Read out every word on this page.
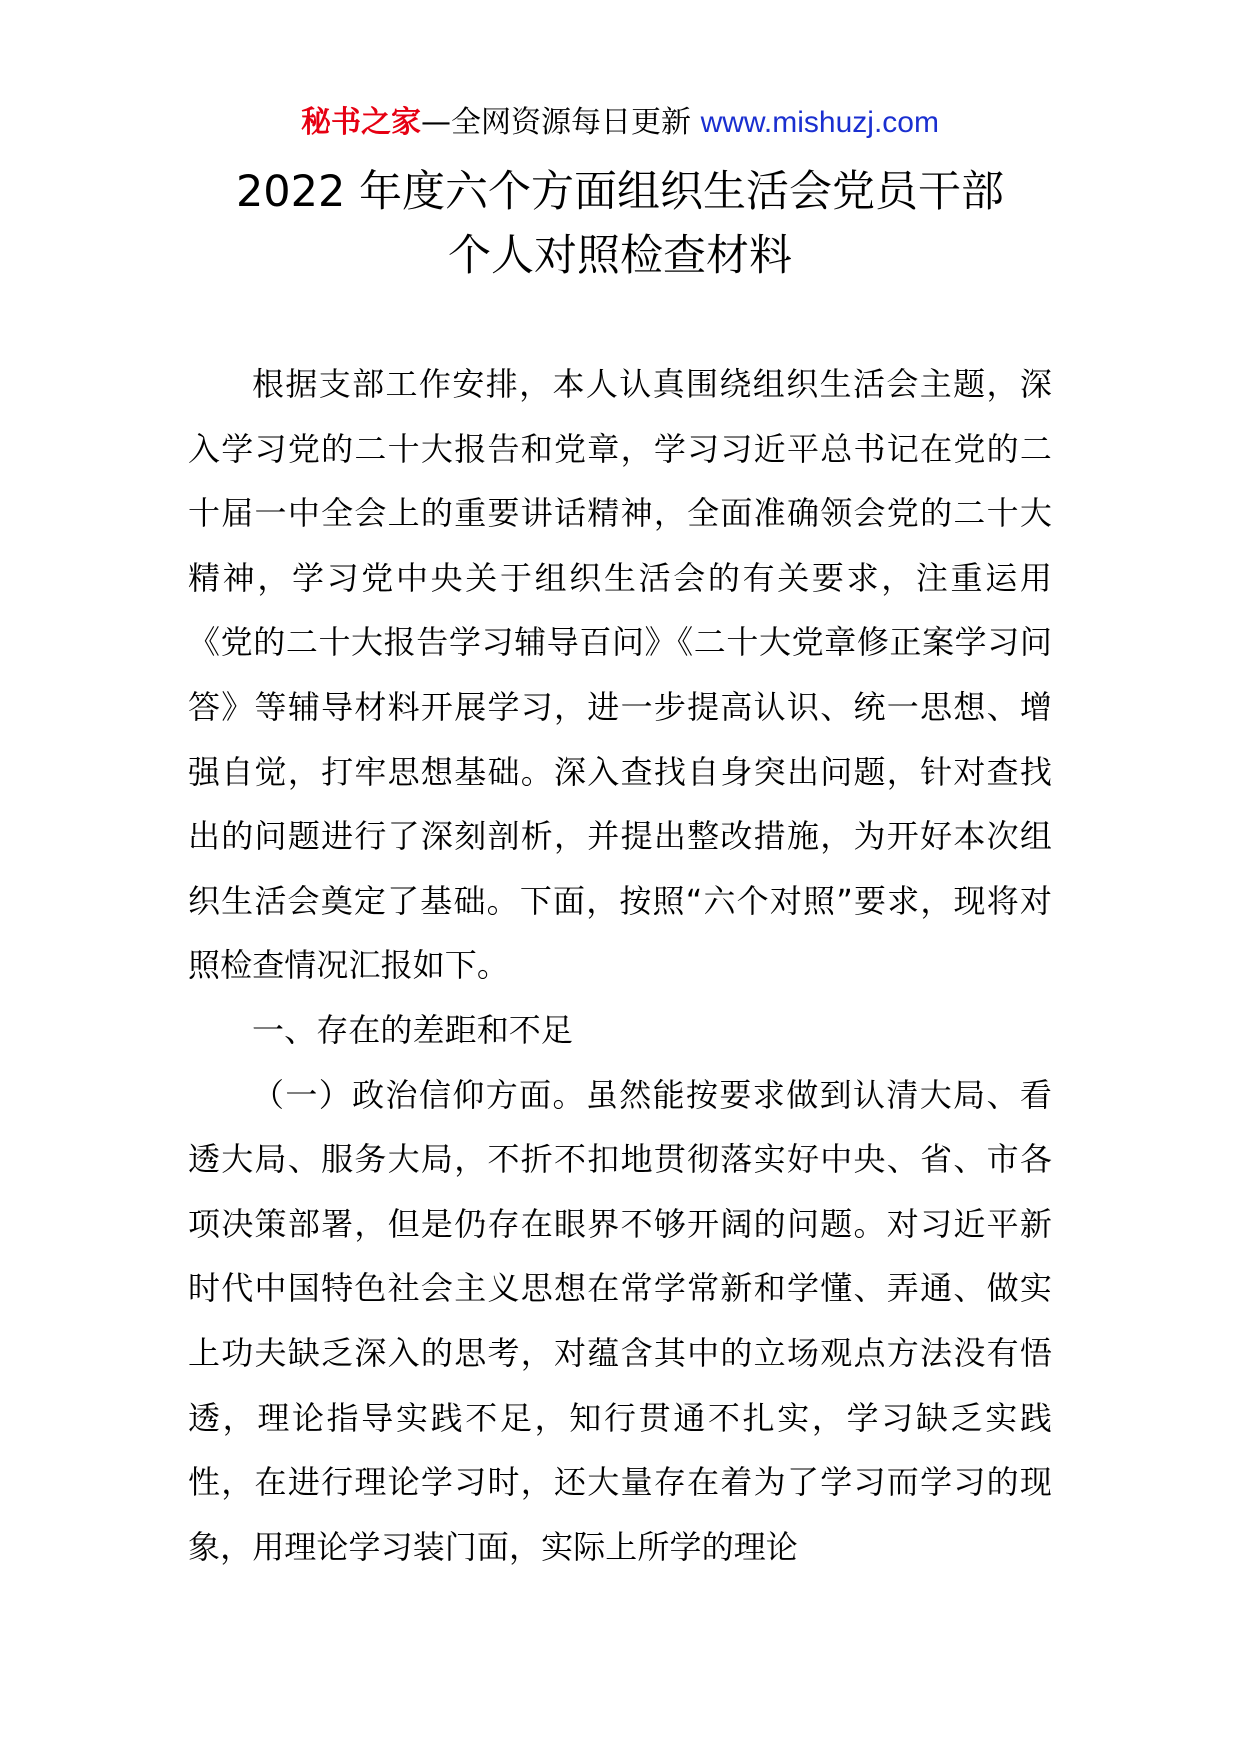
秘书之家—全网资源每日更新 www.mishuzj.com
2022 年度六个方面组织生活会党员干部
个人对照检查材料

根据支部工作安排，本人认真围绕组织生活会主题，深入学习党的二十大报告和党章，学习习近平总书记在党的二十届一中全会上的重要讲话精神，全面准确领会党的二十大精神，学习党中央关于组织生活会的有关要求，注重运用《党的二十大报告学习辅导百问》《二十大党章修正案学习问答》等辅导材料开展学习，进一步提高认识、统一思想、增强自觉，打牢思想基础。深入查找自身突出问题，针对查找出的问题进行了深刻剖析，并提出整改措施，为开好本次组织生活会奠定了基础。下面，按照“六个对照”要求，现将对照检查情况汇报如下。

一、存在的差距和不足

（一）政治信仰方面。虽然能按要求做到认清大局、看透大局、服务大局，不折不扣地贯彻落实好中央、省、市各项决策部署，但是仍存在眼界不够开阔的问题。对习近平新时代中国特色社会主义思想在常学常新和学懂、弄通、做实上功夫缺乏深入的思考，对蕴含其中的立场观点方法没有悟透，理论指导实践不足，知行贯通不扎实，学习缺乏实践性，在进行理论学习时，还大量存在着为了学习而学习的现象，用理论学习装门面，实际上所学的理论
